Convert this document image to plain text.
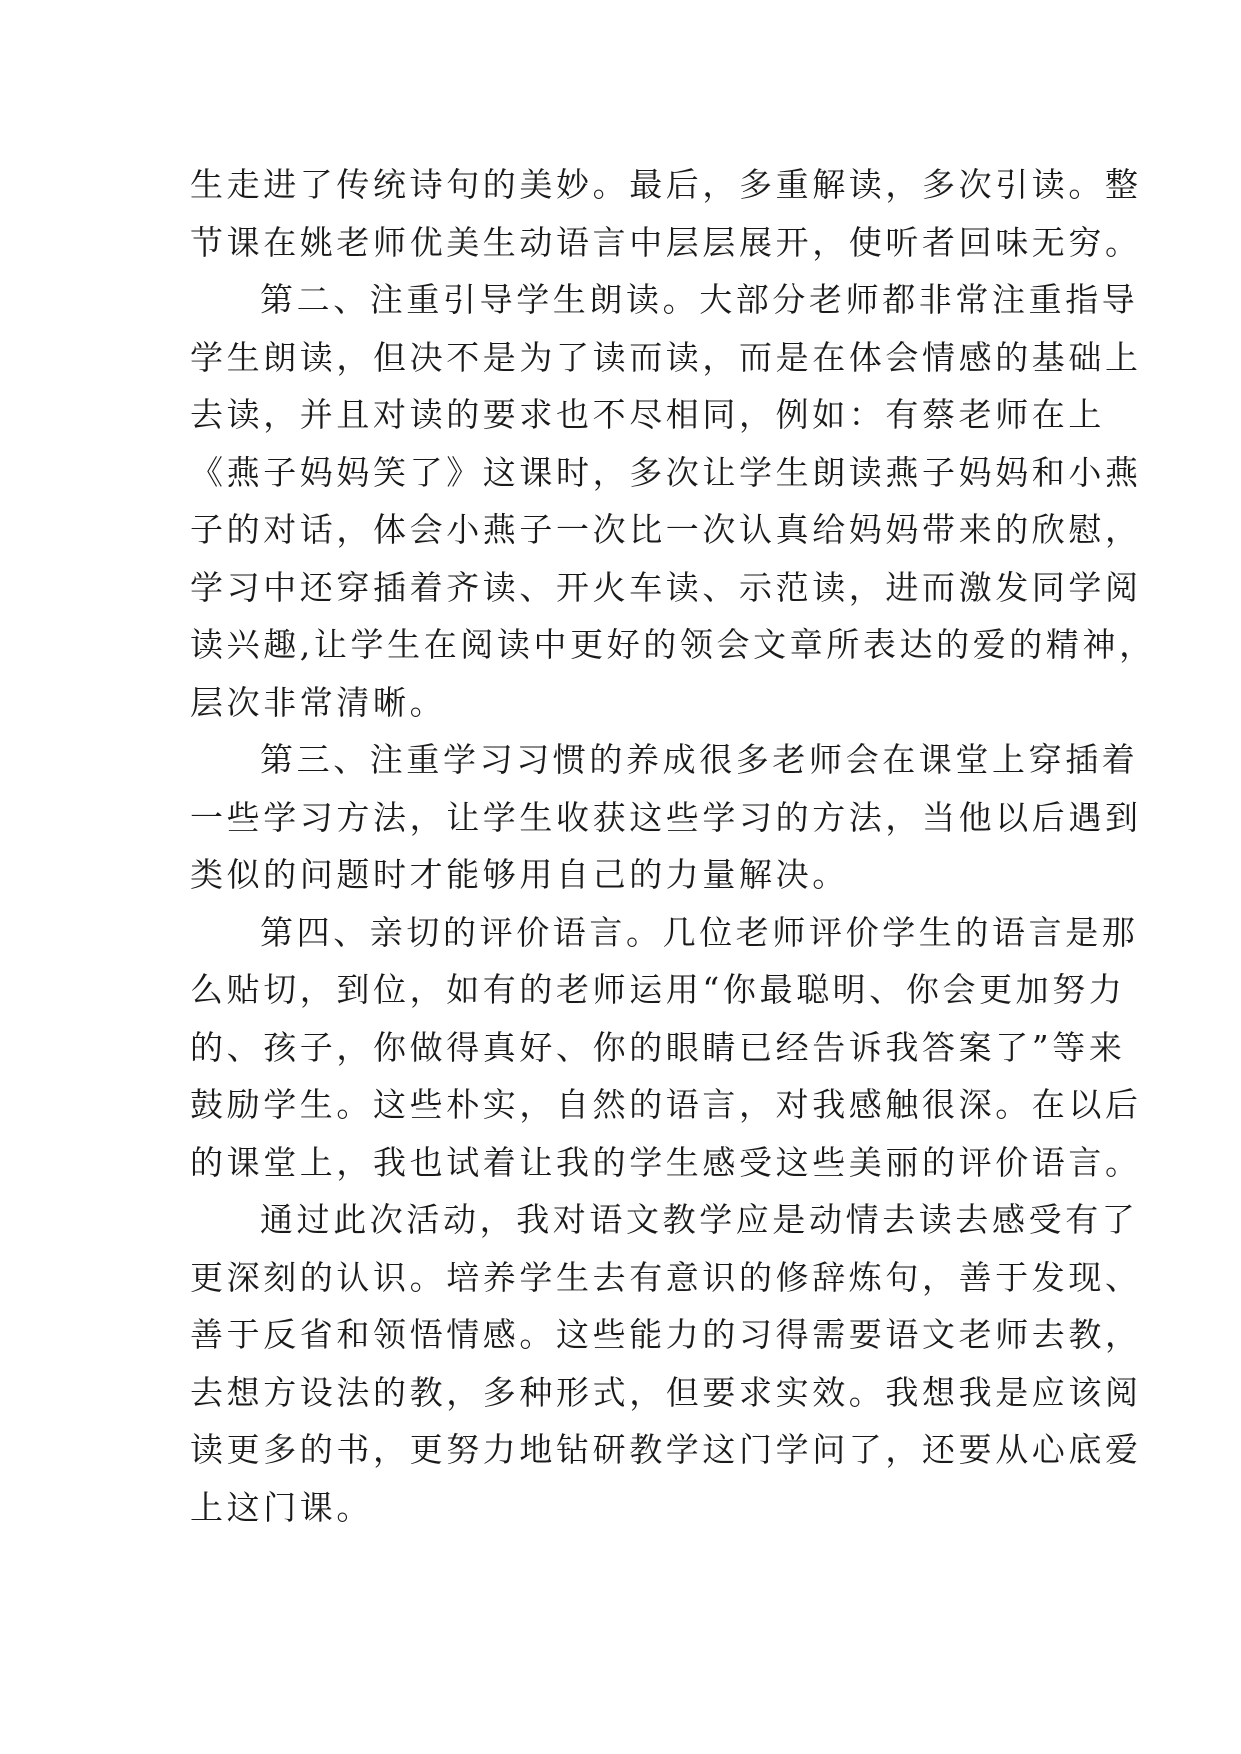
生走进了传统诗句的美妙。最后，多重解读，多次引读。整
节课在姚老师优美生动语言中层层展开，使听者回味无穷。
第二、注重引导学生朗读。大部分老师都非常注重指导
学生朗读，但决不是为了读而读，而是在体会情感的基础上
去读，并且对读的要求也不尽相同，例如：有蔡老师在上
《燕子妈妈笑了》这课时，多次让学生朗读燕子妈妈和小燕
子的对话，体会小燕子一次比一次认真给妈妈带来的欣慰，
学习中还穿插着齐读、开火车读、示范读，进而激发同学阅
读兴趣,让学生在阅读中更好的领会文章所表达的爱的精神，
层次非常清晰。
第三、注重学习习惯的养成很多老师会在课堂上穿插着
一些学习方法，让学生收获这些学习的方法，当他以后遇到
类似的问题时才能够用自己的力量解决。
第四、亲切的评价语言。几位老师评价学生的语言是那
么贴切，到位，如有的老师运用“你最聪明、你会更加努力
的、孩子，你做得真好、你的眼睛已经告诉我答案了”等来
鼓励学生。这些朴实，自然的语言，对我感触很深。在以后
的课堂上，我也试着让我的学生感受这些美丽的评价语言。
通过此次活动，我对语文教学应是动情去读去感受有了
更深刻的认识。培养学生去有意识的修辞炼句，善于发现、
善于反省和领悟情感。这些能力的习得需要语文老师去教，
去想方设法的教，多种形式，但要求实效。我想我是应该阅
读更多的书，更努力地钻研教学这门学问了，还要从心底爱
上这门课。
